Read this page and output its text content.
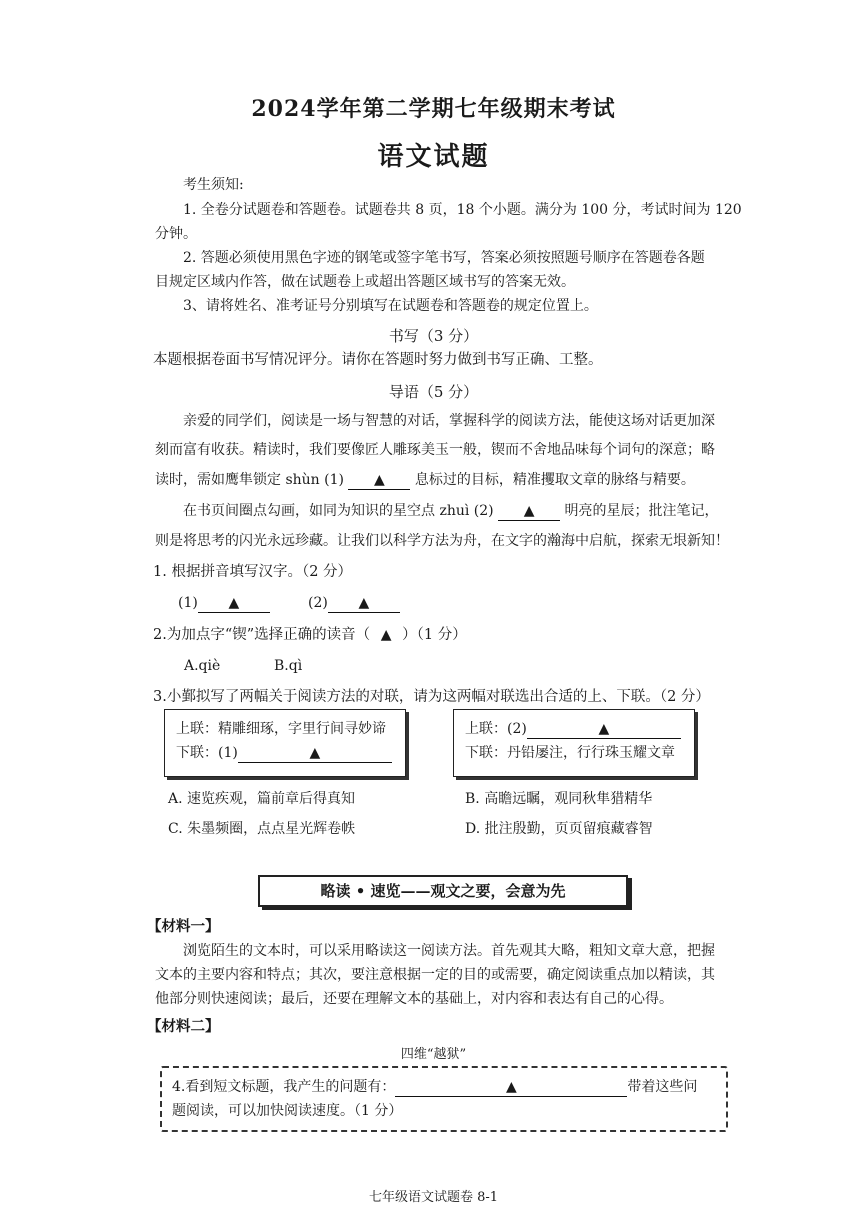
2024学年第二学期七年级期末考试
语文试题
考生须知:
1. 全卷分试题卷和答题卷。试题卷共 8 页，18 个小题。满分为 100 分，考试时间为 120
分钟。
2. 答题必须使用黑色字迹的钢笔或签字笔书写，答案必须按照题号顺序在答题卷各题
目规定区域内作答，做在试题卷上或超出答题区域书写的答案无效。
3、请将姓名、准考证号分别填写在试题卷和答题卷的规定位置上。
书写（3 分）
本题根据卷面书写情况评分。请你在答题时努力做到书写正确、工整。
导语（5 分）
亲爱的同学们，阅读是一场与智慧的对话，掌握科学的阅读方法，能使这场对话更加深
刻而富有收获。精读时，我们要像匠人雕琢美玉一般，锲而不舍地品味每个词句的深意；略
读时，需如鹰隼锁定 shùn (1) ▲ 息标过的目标，精准攫取文章的脉络与精要。
在书页间圈点勾画，如同为知识的星空点 zhuì (2) ▲ 明亮的星辰；批注笔记，
则是将思考的闪光永远珍藏。让我们以科学方法为舟，在文字的瀚海中启航，探索无垠新知！
1. 根据拼音填写汉字。（2 分）
(1) ▲	(2) ▲
2.为加点字“锲”选择正确的读音（ ▲ ）（1 分）
A.qiè	B.qì
3.小鄞拟写了两幅关于阅读方法的对联，请为这两幅对联选出合适的上、下联。（2 分）
上联：精雕细琢，字里行间寻妙谛
下联：(1)	▲
上联：(2)	▲
下联：丹铅屡注，行行珠玉耀文章
A. 速览疾观，篇前章后得真知	B. 高瞻远瞩，观同秋隼猎精华
C. 朱墨频圈，点点星光辉卷帙	D. 批注殷勤，页页留痕藏睿智
略读 • 速览——观文之要，会意为先
【材料一】
浏览陌生的文本时，可以采用略读这一阅读方法。首先观其大略，粗知文章大意，把握
文本的主要内容和特点；其次，要注意根据一定的目的或需要，确定阅读重点加以精读，其
他部分则快速阅读；最后，还要在理解文本的基础上，对内容和表达有自己的心得。
【材料二】
四维“越狱”
4.看到短文标题，我产生的问题有：	▲	带着这些问
题阅读，可以加快阅读速度。（1 分）
七年级语文试题卷 8-1
